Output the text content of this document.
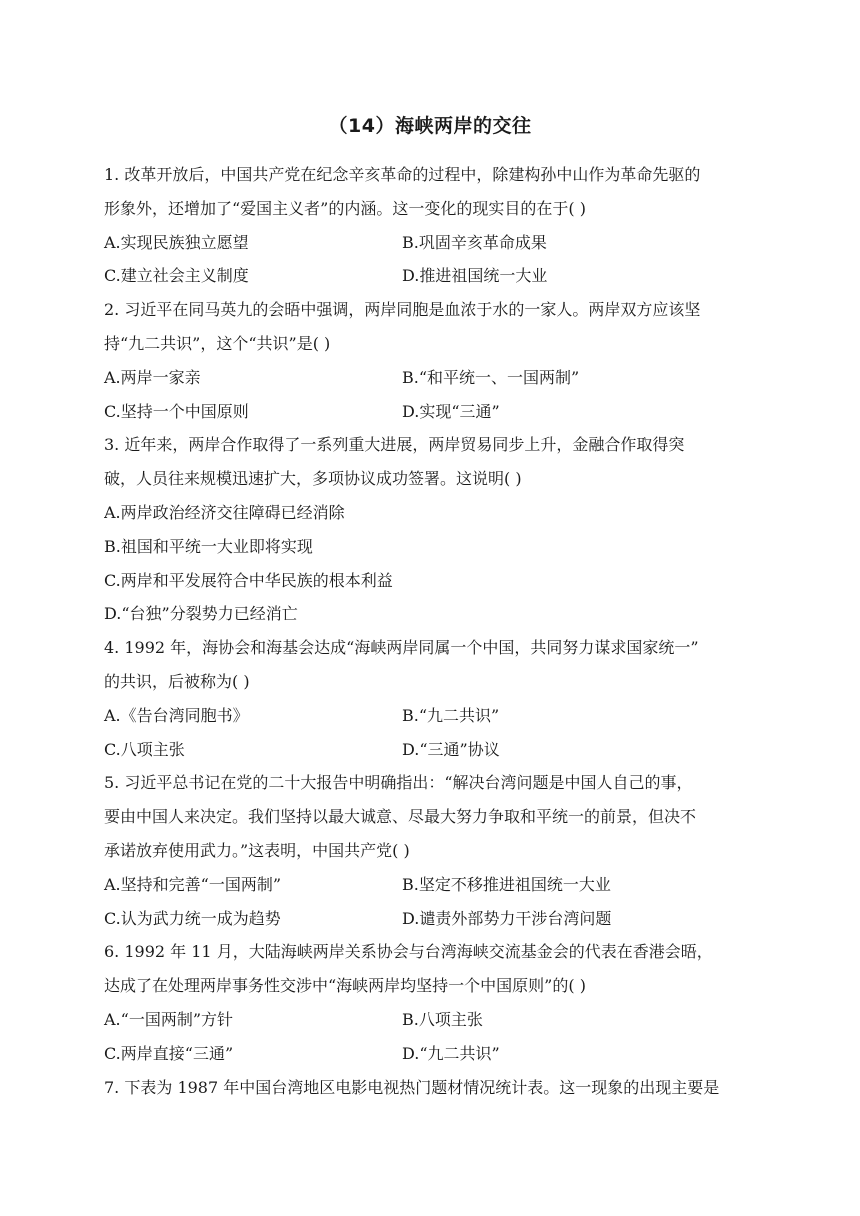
（14）海峡两岸的交往
1. 改革开放后，中国共产党在纪念辛亥革命的过程中，除建构孙中山作为革命先驱的
形象外，还增加了“爱国主义者”的内涵。这一变化的现实目的在于( )
A.实现民族独立愿望	B.巩固辛亥革命成果
C.建立社会主义制度	D.推进祖国统一大业
2. 习近平在同马英九的会晤中强调，两岸同胞是血浓于水的一家人。两岸双方应该坚
持“九二共识”，这个“共识”是( )
A.两岸一家亲	B.“和平统一、一国两制”
C.坚持一个中国原则	D.实现“三通”
3. 近年来，两岸合作取得了一系列重大进展，两岸贸易同步上升，金融合作取得突
破，人员往来规模迅速扩大，多项协议成功签署。这说明( )
A.两岸政治经济交往障碍已经消除
B.祖国和平统一大业即将实现
C.两岸和平发展符合中华民族的根本利益
D.“台独”分裂势力已经消亡
4. 1992 年，海协会和海基会达成“海峡两岸同属一个中国，共同努力谋求国家统一”
的共识，后被称为( )
A.《告台湾同胞书》	B.“九二共识”
C.八项主张	D.“三通”协议
5. 习近平总书记在党的二十大报告中明确指出：“解决台湾问题是中国人自己的事，
要由中国人来决定。我们坚持以最大诚意、尽最大努力争取和平统一的前景，但决不
承诺放弃使用武力。”这表明，中国共产党( )
A.坚持和完善“一国两制”	B.坚定不移推进祖国统一大业
C.认为武力统一成为趋势	D.谴责外部势力干涉台湾问题
6. 1992 年 11 月，大陆海峡两岸关系协会与台湾海峡交流基金会的代表在香港会晤，
达成了在处理两岸事务性交涉中“海峡两岸均坚持一个中国原则”的( )
A.“一国两制”方针	B.八项主张
C.两岸直接“三通”	D.“九二共识”
7. 下表为 1987 年中国台湾地区电影电视热门题材情况统计表。这一现象的出现主要是
